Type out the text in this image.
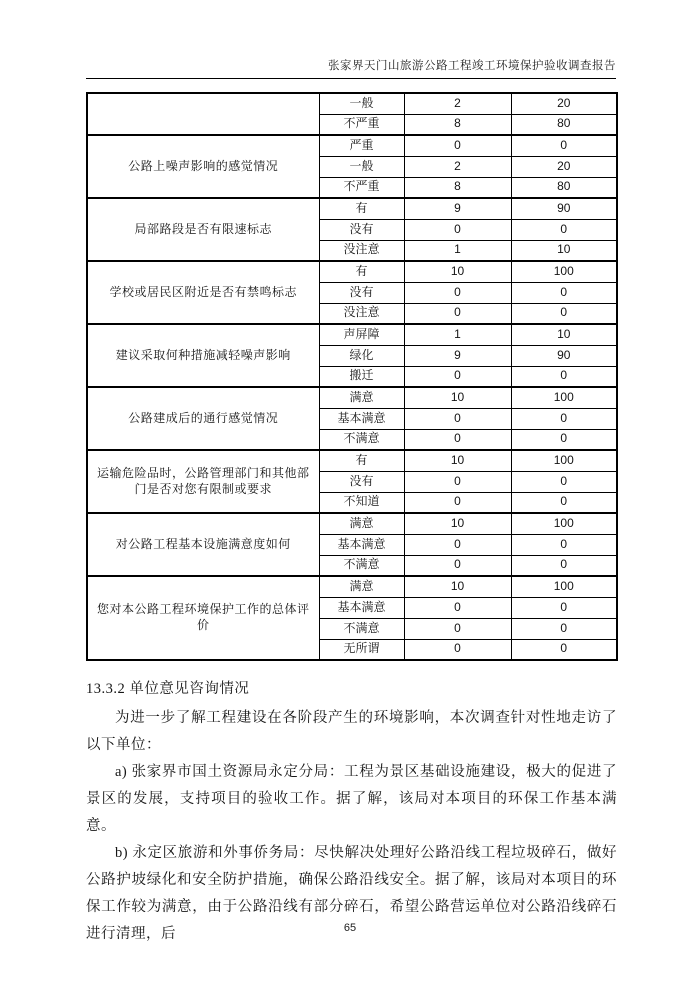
张家界天门山旅游公路工程竣工环境保护验收调查报告
	一般	2	20
	不严重	8	80
公路上噪声影响的感觉情况	严重	0	0
	一般	2	20
	不严重	8	80
局部路段是否有限速标志	有	9	90
	没有	0	0
	没注意	1	10
学校或居民区附近是否有禁鸣标志	有	10	100
	没有	0	0
	没注意	0	0
建议采取何种措施减轻噪声影响	声屏障	1	10
	绿化	9	90
	搬迁	0	0
公路建成后的通行感觉情况	满意	10	100
	基本满意	0	0
	不满意	0	0
运输危险品时，公路管理部门和其他部门是否对您有限制或要求	有	10	100
	没有	0	0
	不知道	0	0
对公路工程基本设施满意度如何	满意	10	100
	基本满意	0	0
	不满意	0	0
您对本公路工程环境保护工作的总体评价	满意	10	100
	基本满意	0	0
	不满意	0	0
	无所谓	0	0
13.3.2 单位意见咨询情况

为进一步了解工程建设在各阶段产生的环境影响，本次调查针对性地走访了以下单位：

a) 张家界市国土资源局永定分局：工程为景区基础设施建设，极大的促进了景区的发展，支持项目的验收工作。据了解，该局对本项目的环保工作基本满意。

b) 永定区旅游和外事侨务局：尽快解决处理好公路沿线工程垃圾碎石，做好公路护坡绿化和安全防护措施，确保公路沿线安全。据了解，该局对本项目的环保工作较为满意，由于公路沿线有部分碎石，希望公路营运单位对公路沿线碎石进行清理，后	65
